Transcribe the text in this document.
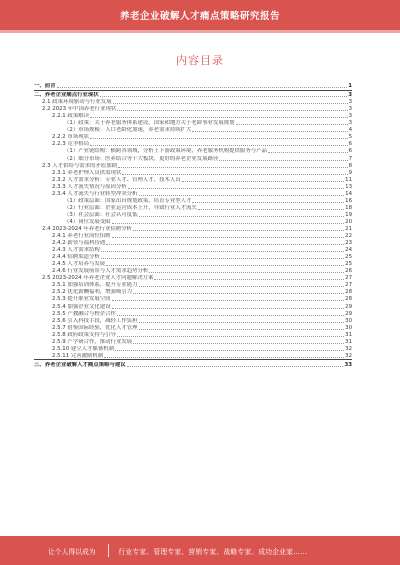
养老企业破解人才痛点策略研究报告
内容目录
一、前言	1
二、养老企业痛点行业现状	3
2.1 政策环境驱动与行业发展	3
2.2 2023 年中国养老行业现状	3
2.2.1 政策解读	3
（1）政策：关于养老服务体系建设，国家和地方关于老龄事业发展规划	3
（2）市场规模：人口老龄化加速，养老需求持续扩大	4
2.2.2 市场现状	5
2.2.3 竞争格局	6
（1）产业链结构：横跨各领域，分析上下游政策环境，养老服务机构提供服务与产品	6
（2）细分市场：医养结合等十大板块，更好的养老企业发展路径	7
2.3 人才供给与需求的矛盾加剧	8
2.3.1 养老护理人员供需现状	9
2.3.2 人才需求分析：专业人才、管理人才、技术人员	11
2.3.3 人才流失情况与原因分析	13
2.3.4 人才流失与行业转型冲突分析	14
（1）政策层面：国家出台规划政策，培育专业型人才	16
（2）行业层面：企业运营成本上升，导致行业人才流失	18
（3）社会层面：社会认可度低	19
（4）岗位发展受限	20
2.4 2023-2024 年养老行业招聘分析	21
2.4.1 养老行业岗位招聘	22
2.4.2 薪资与福利待遇	23
2.4.3 人才需求结构	24
2.4.4 招聘渠道分析	25
2.4.5 人才培养与发展	25
2.4.6 行业发展前景与人才需求趋势分析	26
2.5 2023-2024 年养老企业人才问题解决方案	27
2.5.1 加强培训体系，提升专业能力	27
2.5.2 优化薪酬福利，增强吸引力	28
2.5.3 提升职业发展空间	28
2.5.4 加强企业文化建设	29
2.5.5 产教融合与校企合作	29
2.5.6 引入科技手段，减轻工作负担	30
2.5.7 借鉴国际经验，优化人才管理	30
2.5.8 政府政策支持与引导	31
2.5.9 产学研合作，推动行业发展	31
2.5.10 建立人才储备机制	32
2.5.11 完善激励机制	32
三、养老企业破解人才痛点策略与建议	33
让个人得以成为	行业专家、管理专家、营销专家、战略专家、成功企业家……
